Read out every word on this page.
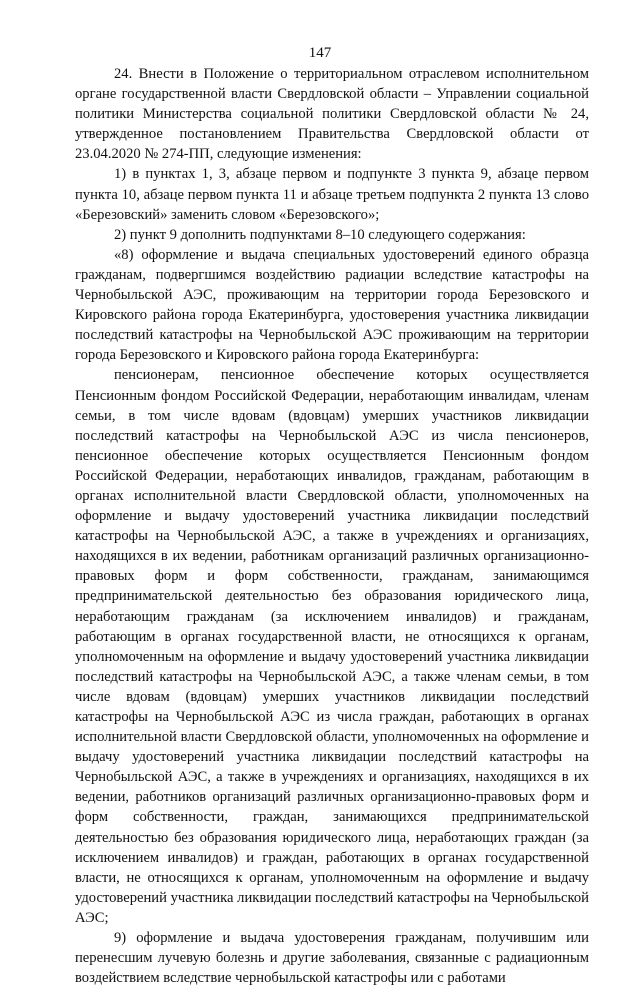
147

24. Внести в Положение о территориальном отраслевом исполнительном органе государственной власти Свердловской области – Управлении социальной политики Министерства социальной политики Свердловской области № 24, утвержденное постановлением Правительства Свердловской области от 23.04.2020 № 274-ПП, следующие изменения:

1) в пунктах 1, 3, абзаце первом и подпункте 3 пункта 9, абзаце первом пункта 10, абзаце первом пункта 11 и абзаце третьем подпункта 2 пункта 13 слово «Березовский» заменить словом «Березовского»;

2) пункт 9 дополнить подпунктами 8–10 следующего содержания:

«8) оформление и выдача специальных удостоверений единого образца гражданам, подвергшимся воздействию радиации вследствие катастрофы на Чернобыльской АЭС, проживающим на территории города Березовского и Кировского района города Екатеринбурга, удостоверения участника ликвидации последствий катастрофы на Чернобыльской АЭС проживающим на территории города Березовского и Кировского района города Екатеринбурга:

пенсионерам, пенсионное обеспечение которых осуществляется Пенсионным фондом Российской Федерации, неработающим инвалидам, членам семьи, в том числе вдовам (вдовцам) умерших участников ликвидации последствий катастрофы на Чернобыльской АЭС из числа пенсионеров, пенсионное обеспечение которых осуществляется Пенсионным фондом Российской Федерации, неработающих инвалидов, гражданам, работающим в органах исполнительной власти Свердловской области, уполномоченных на оформление и выдачу удостоверений участника ликвидации последствий катастрофы на Чернобыльской АЭС, а также в учреждениях и организациях, находящихся в их ведении, работникам организаций различных организационно-правовых форм и форм собственности, гражданам, занимающимся предпринимательской деятельностью без образования юридического лица, неработающим гражданам (за исключением инвалидов) и гражданам, работающим в органах государственной власти, не относящихся к органам, уполномоченным на оформление и выдачу удостоверений участника ликвидации последствий катастрофы на Чернобыльской АЭС, а также членам семьи, в том числе вдовам (вдовцам) умерших участников ликвидации последствий катастрофы на Чернобыльской АЭС из числа граждан, работающих в органах исполнительной власти Свердловской области, уполномоченных на оформление и выдачу удостоверений участника ликвидации последствий катастрофы на Чернобыльской АЭС, а также в учреждениях и организациях, находящихся в их ведении, работников организаций различных организационно-правовых форм и форм собственности, граждан, занимающихся предпринимательской деятельностью без образования юридического лица, неработающих граждан (за исключением инвалидов) и граждан, работающих в органах государственной власти, не относящихся к органам, уполномоченным на оформление и выдачу удостоверений участника ликвидации последствий катастрофы на Чернобыльской АЭС;

9) оформление и выдача удостоверения гражданам, получившим или перенесшим лучевую болезнь и другие заболевания, связанные с радиационным воздействием вследствие чернобыльской катастрофы или с работами
